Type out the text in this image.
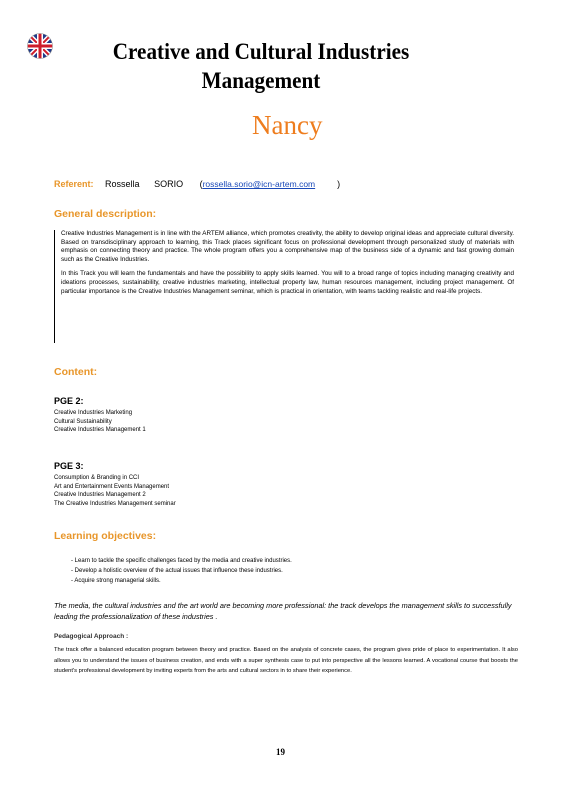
Creative and Cultural Industries
Management
Nancy
Referent: Rossella SORIO (rossella.sorio@icn-artem.com )
General description:

Creative Industries Management is in line with the ARTEM alliance, which promotes creativity, the ability to develop original ideas and appreciate cultural diversity. Based on transdisciplinary approach to learning, this Track places significant focus on professional development through personalized study of materials with emphasis on connecting theory and practice. The whole program offers you a comprehensive map of the business side of a dynamic and fast growing domain such as the Creative Industries.

In this Track you will learn the fundamentals and have the possibility to apply skills learned. You will to a broad range of topics including managing creativity and ideations processes, sustainability, creative industries marketing, intellectual property law, human resources management, including project management. Of particular importance is the Creative Industries Management seminar, which is practical in orientation, with teams tackling realistic and real-life projects.

Content:
PGE 2:
Creative Industries Marketing
Cultural Sustainability
Creative Industries Management 1
PGE 3:
Consumption & Branding in CCI
Art and Entertainment Events Management
Creative Industries Management 2
The Creative Industries Management seminar
Learning objectives:
- Learn to tackle the specific challenges faced by the media and creative industries.
- Develop a holistic overview of the actual issues that influence these industries.
- Acquire strong managerial skills.
The media, the cultural industries and the art world are becoming more professional: the track develops the management skills to successfully leading the professionalization of these industries .
Pedagogical Approach :

The track offer a balanced education program between theory and practice. Based on the analysis of concrete cases, the program gives pride of place to experimentation. It also allows you to understand the issues of business creation, and ends with a super synthesis case to put into perspective all the lessons learned. A vocational course that boosts the student's professional development by inviting experts from the arts and cultural sectors in to share their experience.

19
